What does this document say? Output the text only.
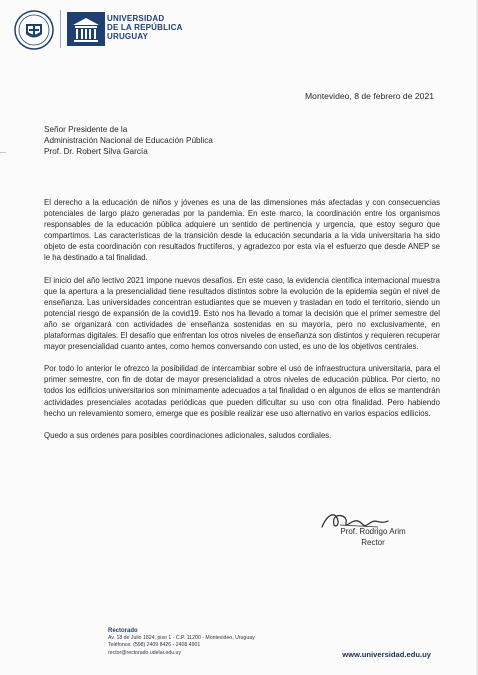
UNIVERSIDAD
DE LA REPÚBLICA
URUGUAY
Montevideo, 8 de febrero de 2021
Señor Presidente de la
Administración Nacional de Educación Pública
Prof. Dr. Robert Silva García

El derecho a la educación de niños y jóvenes es una de las dimensiones más afectadas y con consecuencias potenciales de largo plazo generadas por la pandemia. En este marco, la coordinación entre los organismos responsables de la educación pública adquiere un sentido de pertinencia y urgencia, que estoy seguro que compartimos. Las características de la transición desde la educación secundaria a la vida universitaria ha sido objeto de esta coordinación con resultados fructíferos, y agradezco por esta vía el esfuerzo que desde ANEP se le ha destinado a tal finalidad.

El inicio del año lectivo 2021 impone nuevos desafíos. En este caso, la evidencia científica internacional muestra que la apertura a la presencialidad tiene resultados distintos sobre la evolución de la epidemia según el nivel de enseñanza. Las universidades concentran estudiantes que se mueven y trasladan en todo el territorio, siendo un potencial riesgo de expansión de la covid19. Esto nos ha llevado a tomar la decisión que el primer semestre del año se organizará con actividades de enseñanza sostenidas en su mayoría, pero no exclusivamente, en plataformas digitales. El desafío que enfrentan los otros niveles de enseñanza son distintos y requieren recuperar mayor presencialidad cuanto antes, como hemos conversando con usted, es uno de los objetivos centrales.

Por todo lo anterior le ofrezco la posibilidad de intercambiar sobre el uso de infraestructura universitaria, para el primer semestre, con fin de dotar de mayor presencialidad a otros niveles de educación pública. Por cierto, no todos los edificios universitarios son mínimamente adecuados a tal finalidad o en algunos de ellos se mantendrán actividades presenciales acotadas periódicas que pueden dificultar su uso con otra finalidad. Pero habiendo hecho un relevamiento somero, emerge que es posible realizar ese uso alternativo en varios espacios edilicios.

Quedo a sus ordenes para posibles coordinaciones adicionales, saludos cordiales.

Prof. Rodrigo Arim
Rector
Rectorado
Av. 18 de Julio 1824, piso 1 - C.P. 11200 - Montevideo, Uruguay
Teléfonos: (598) 2409 8426 - 2408 4901
rector@rectorado.udelar.edu.uy	www.universidad.edu.uy
